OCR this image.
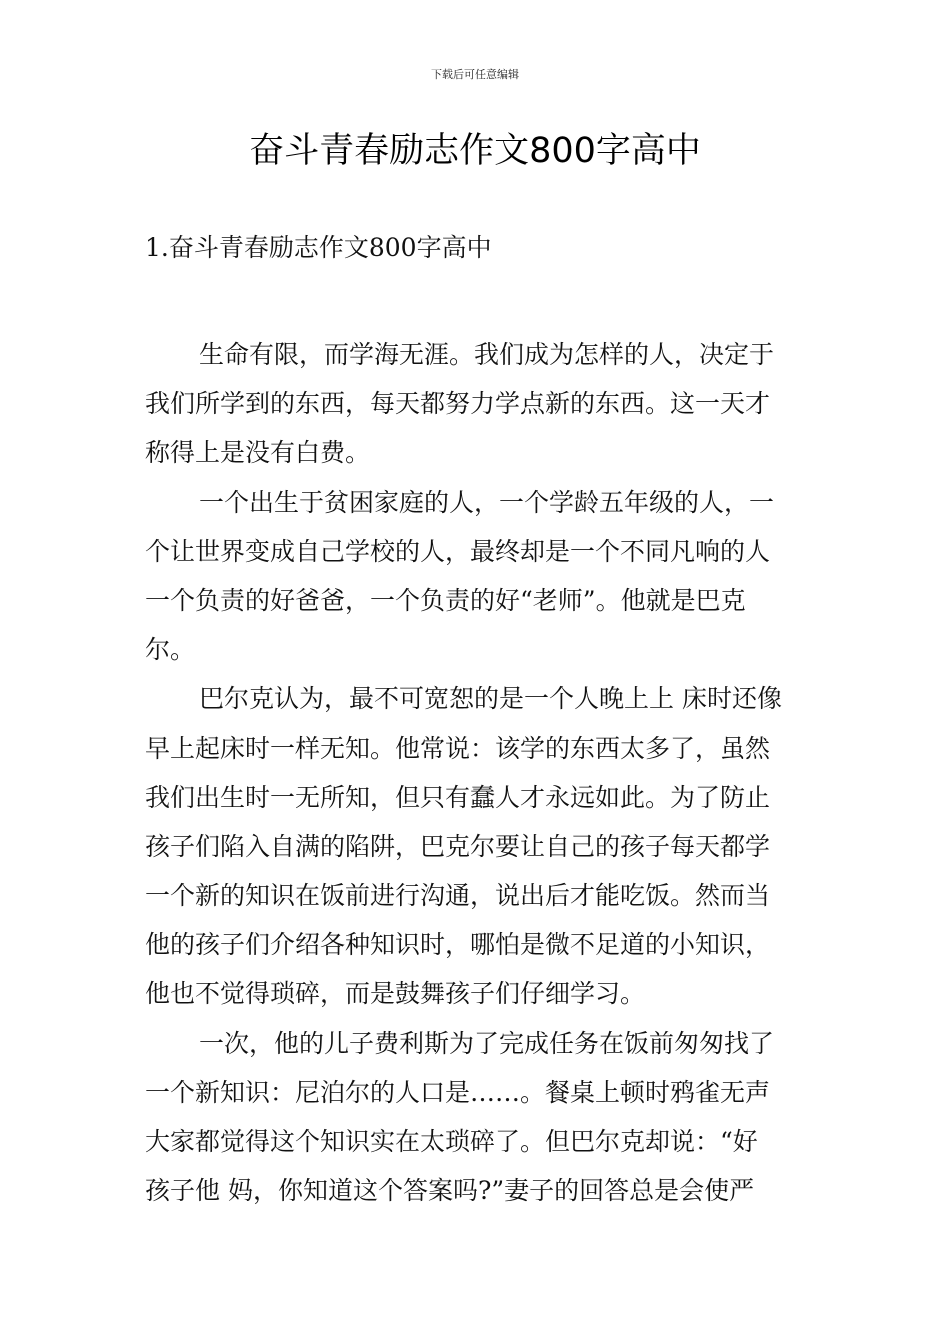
下载后可任意编辑
奋斗青春励志作文800字高中
1.奋斗青春励志作文800字高中
生命有限，而学海无涯。我们成为怎样的人，决定于
我们所学到的东西，每天都努力学点新的东西。这一天才
称得上是没有白费。
一个出生于贫困家庭的人，一个学龄五年级的人，一
个让世界变成自己学校的人，最终却是一个不同凡响的人
一个负责的好爸爸，一个负责的好“老师”。他就是巴克
尔。
巴尔克认为，最不可宽恕的是一个人晚上上 床时还像
早上起床时一样无知。他常说：该学的东西太多了，虽然
我们出生时一无所知，但只有蠢人才永远如此。为了防止
孩子们陷入自满的陷阱，巴克尔要让自己的孩子每天都学
一个新的知识在饭前进行沟通，说出后才能吃饭。然而当
他的孩子们介绍各种知识时，哪怕是微不足道的小知识，
他也不觉得琐碎，而是鼓舞孩子们仔细学习。
一次，他的儿子费利斯为了完成任务在饭前匆匆找了
一个新知识：尼泊尔的人口是……。餐桌上顿时鸦雀无声
大家都觉得这个知识实在太琐碎了。但巴尔克却说：“好
孩子他 妈，你知道这个答案吗?”妻子的回答总是会使严
